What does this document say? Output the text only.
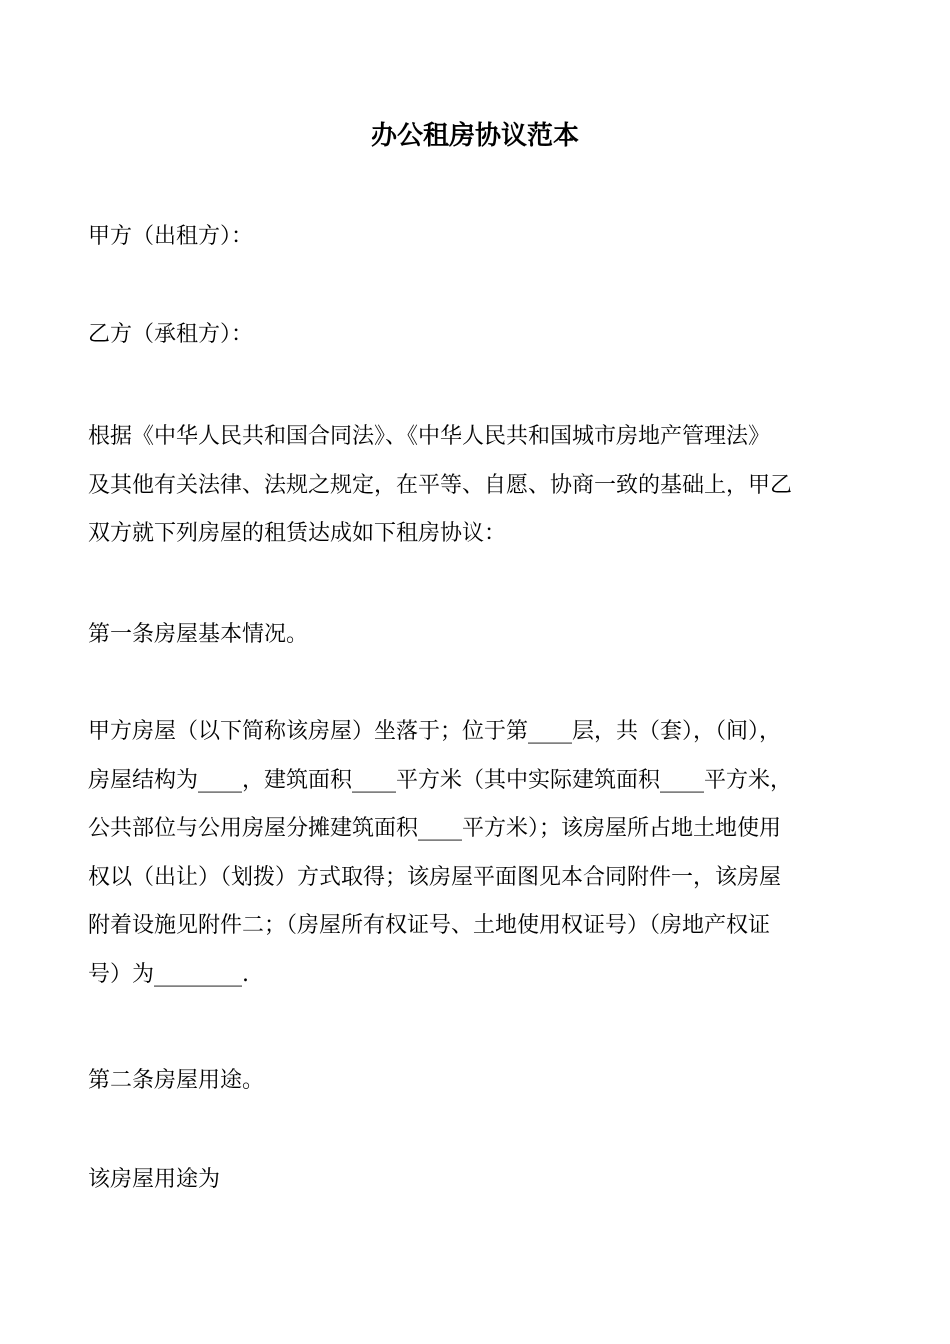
办公租房协议范本
甲方（出租方）：
乙方（承租方）：
根据《中华人民共和国合同法》、《中华人民共和国城市房地产管理法》
及其他有关法律、法规之规定，在平等、自愿、协商一致的基础上，甲乙
双方就下列房屋的租赁达成如下租房协议：
第一条房屋基本情况。
甲方房屋（以下简称该房屋）坐落于；位于第____层，共（套），（间），
房屋结构为____，建筑面积____平方米（其中实际建筑面积____平方米，
公共部位与公用房屋分摊建筑面积____平方米）；该房屋所占地土地使用
权以（出让）（划拨）方式取得；该房屋平面图见本合同附件一，该房屋
附着设施见附件二；（房屋所有权证号、土地使用权证号）（房地产权证
号）为________.
第二条房屋用途。
该房屋用途为
